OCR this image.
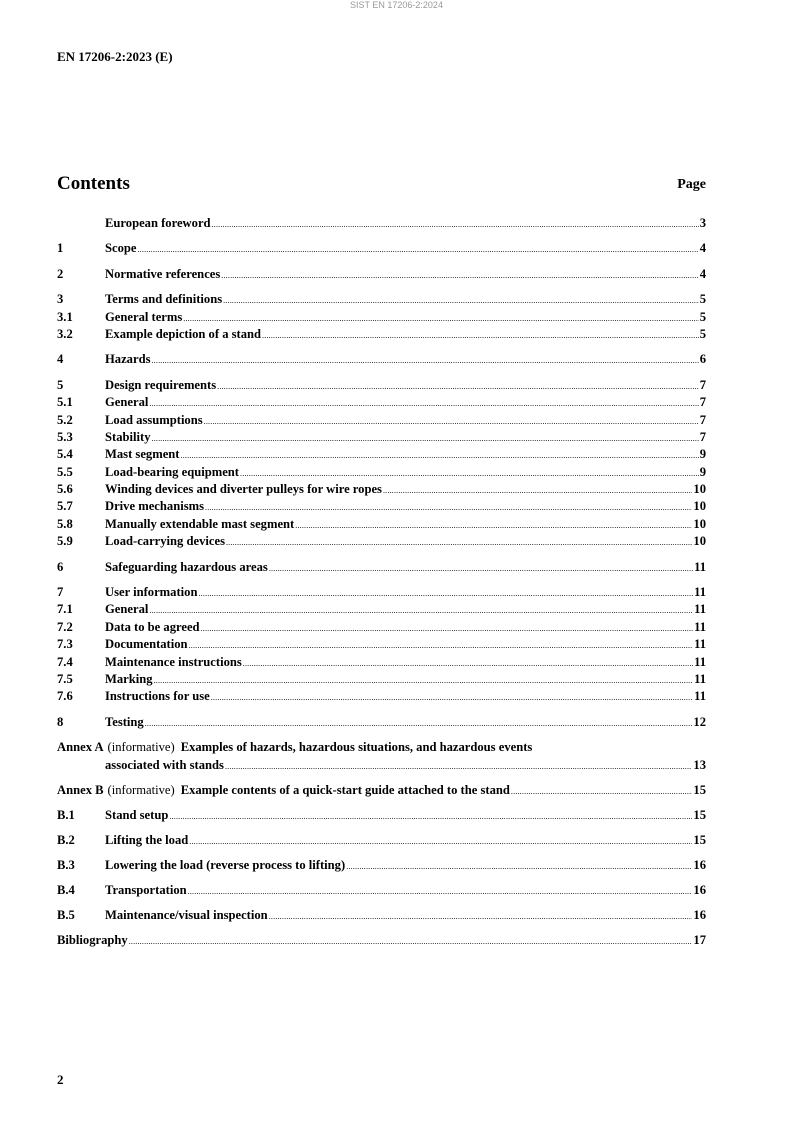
SIST EN 17206-2:2024
EN 17206-2:2023 (E)
Contents	Page
European foreword .....	3
1	Scope .....	4
2	Normative references .....	4
3	Terms and definitions .....	5
3.1	General terms .....	5
3.2	Example depiction of a stand .....	5
4	Hazards .....	6
5	Design requirements .....	7
5.1	General .....	7
5.2	Load assumptions .....	7
5.3	Stability .....	7
5.4	Mast segment .....	9
5.5	Load-bearing equipment .....	9
5.6	Winding devices and diverter pulleys for wire ropes .....	10
5.7	Drive mechanisms .....	10
5.8	Manually extendable mast segment .....	10
5.9	Load-carrying devices .....	10
6	Safeguarding hazardous areas .....	11
7	User information .....	11
7.1	General .....	11
7.2	Data to be agreed .....	11
7.3	Documentation .....	11
7.4	Maintenance instructions .....	11
7.5	Marking .....	11
7.6	Instructions for use .....	11
8	Testing .....	12
Annex A (informative) Examples of hazards, hazardous situations, and hazardous events
associated with stands .....	13
Annex B (informative) Example contents of a quick-start guide attached to the stand .....	15
B.1	Stand setup .....	15
B.2	Lifting the load .....	15
B.3	Lowering the load (reverse process to lifting) .....	16
B.4	Transportation .....	16
B.5	Maintenance/visual inspection .....	16
Bibliography .....	17
2
